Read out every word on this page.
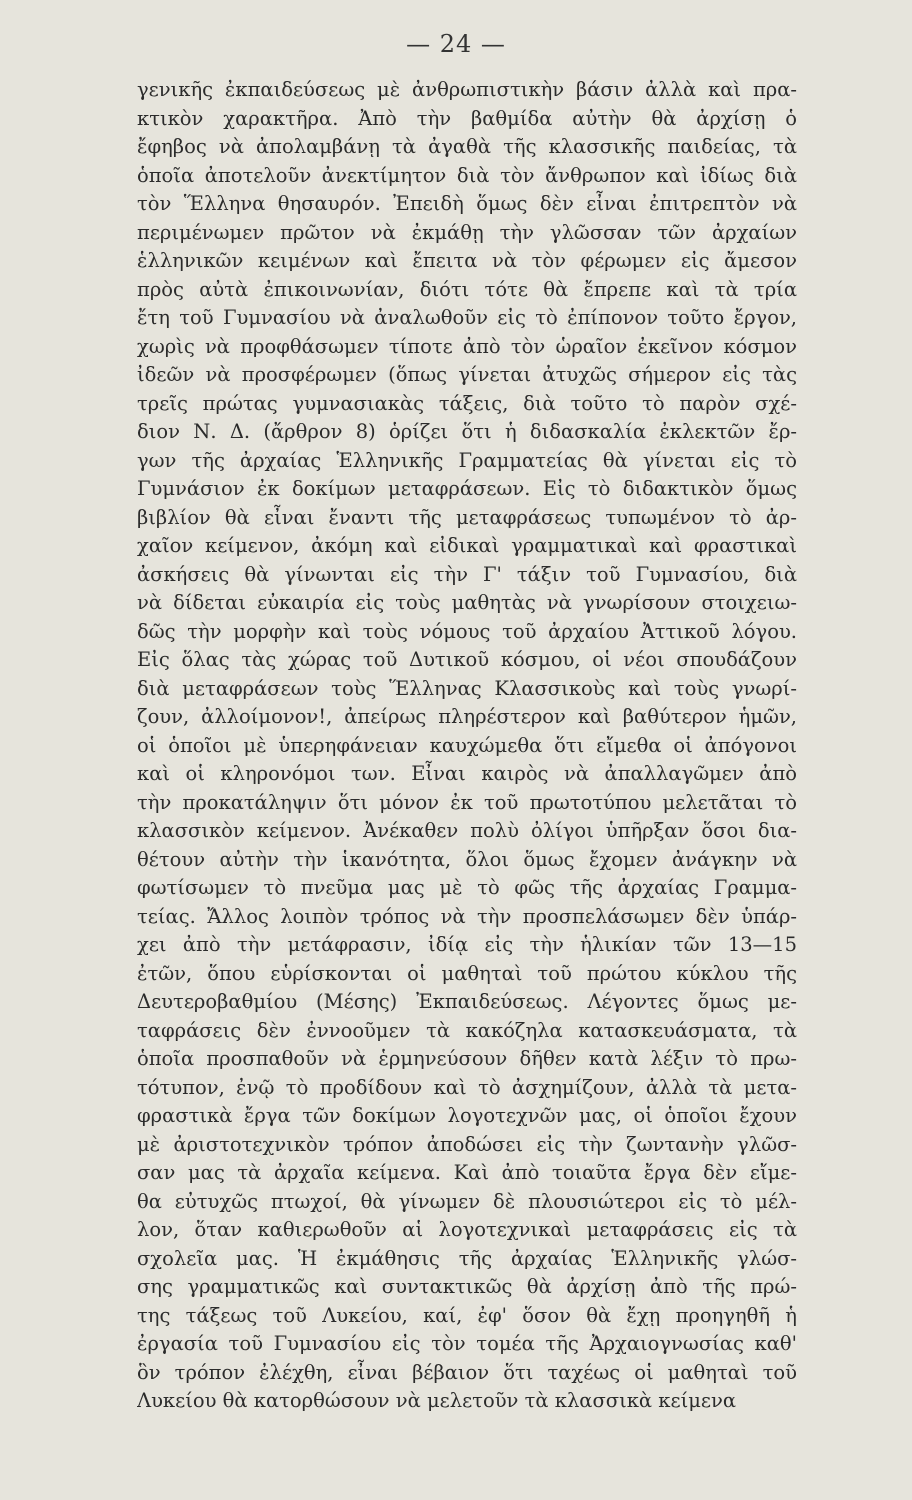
— 24 —
γενικῆς ἐκπαιδεύσεως μὲ ἀνθρωπιστικὴν βάσιν ἀλλὰ καὶ πρα-
κτικὸν χαρακτῆρα. Ἀπὸ τὴν βαθμίδα αὐτὴν θὰ ἀρχίσῃ ὁ
ἔφηβος νὰ ἀπολαμβάνῃ τὰ ἀγαθὰ τῆς κλασσικῆς παιδείας, τὰ
ὁποῖα ἀποτελοῦν ἀνεκτίμητον διὰ τὸν ἄνθρωπον καὶ ἰδίως διὰ
τὸν Ἕλληνα θησαυρόν. Ἐπειδὴ ὅμως δὲν εἶναι ἐπιτρεπτὸν νὰ
περιμένωμεν πρῶτον νὰ ἐκμάθῃ τὴν γλῶσσαν τῶν ἀρχαίων
ἑλληνικῶν κειμένων καὶ ἔπειτα νὰ τὸν φέρωμεν εἰς ἄμεσον
πρὸς αὐτὰ ἐπικοινωνίαν, διότι τότε θὰ ἔπρεπε καὶ τὰ τρία
ἔτη τοῦ Γυμνασίου νὰ ἀναλωθοῦν εἰς τὸ ἐπίπονον τοῦτο ἔργον,
χωρὶς νὰ προφθάσωμεν τίποτε ἀπὸ τὸν ὡραῖον ἐκεῖνον κόσμον
ἰδεῶν νὰ προσφέρωμεν (ὅπως γίνεται ἀτυχῶς σήμερον εἰς τὰς
τρεῖς πρώτας γυμνασιακὰς τάξεις, διὰ τοῦτο τὸ παρὸν σχέ-
διον Ν. Δ. (ἄρθρον 8) ὁρίζει ὅτι ἡ διδασκαλία ἐκλεκτῶν ἔρ-
γων τῆς ἀρχαίας Ἑλληνικῆς Γραμματείας θὰ γίνεται εἰς τὸ
Γυμνάσιον ἐκ δοκίμων μεταφράσεων. Εἰς τὸ διδακτικὸν ὅμως
βιβλίον θὰ εἶναι ἔναντι τῆς μεταφράσεως τυπωμένον τὸ ἀρ-
χαῖον κείμενον, ἀκόμη καὶ εἰδικαὶ γραμματικαὶ καὶ φραστικαὶ
ἀσκήσεις θὰ γίνωνται εἰς τὴν Γ' τάξιν τοῦ Γυμνασίου, διὰ
νὰ δίδεται εὐκαιρία εἰς τοὺς μαθητὰς νὰ γνωρίσουν στοιχειω-
δῶς τὴν μορφὴν καὶ τοὺς νόμους τοῦ ἀρχαίου Ἀττικοῦ λόγου.
Εἰς ὅλας τὰς χώρας τοῦ Δυτικοῦ κόσμου, οἱ νέοι σπουδάζουν
διὰ μεταφράσεων τοὺς Ἕλληνας Κλασσικοὺς καὶ τοὺς γνωρί-
ζουν, ἀλλοίμονον!, ἀπείρως πληρέστερον καὶ βαθύτερον ἡμῶν,
οἱ ὁποῖοι μὲ ὑπερηφάνειαν καυχώμεθα ὅτι εἴμεθα οἱ ἀπόγονοι
καὶ οἱ κληρονόμοι των. Εἶναι καιρὸς νὰ ἀπαλλαγῶμεν ἀπὸ
τὴν προκατάληψιν ὅτι μόνον ἐκ τοῦ πρωτοτύπου μελετᾶται τὸ
κλασσικὸν κείμενον. Ἀνέκαθεν πολὺ ὀλίγοι ὑπῆρξαν ὅσοι δια-
θέτουν αὐτὴν τὴν ἱκανότητα, ὅλοι ὅμως ἔχομεν ἀνάγκην νὰ
φωτίσωμεν τὸ πνεῦμα μας μὲ τὸ φῶς τῆς ἀρχαίας Γραμμα-
τείας. Ἄλλος λοιπὸν τρόπος νὰ τὴν προσπελάσωμεν δὲν ὑπάρ-
χει ἀπὸ τὴν μετάφρασιν, ἰδίᾳ εἰς τὴν ἡλικίαν τῶν 13—15
ἐτῶν, ὅπου εὑρίσκονται οἱ μαθηταὶ τοῦ πρώτου κύκλου τῆς
Δευτεροβαθμίου (Μέσης) Ἐκπαιδεύσεως. Λέγοντες ὅμως με-
ταφράσεις δὲν ἐννοοῦμεν τὰ κακόζηλα κατασκευάσματα, τὰ
ὁποῖα προσπαθοῦν νὰ ἑρμηνεύσουν δῆθεν κατὰ λέξιν τὸ πρω-
τότυπον, ἐνῷ τὸ προδίδουν καὶ τὸ ἀσχημίζουν, ἀλλὰ τὰ μετα-
φραστικὰ ἔργα τῶν δοκίμων λογοτεχνῶν μας, οἱ ὁποῖοι ἔχουν
μὲ ἀριστοτεχνικὸν τρόπον ἀποδώσει εἰς τὴν ζωντανὴν γλῶσ-
σαν μας τὰ ἀρχαῖα κείμενα. Καὶ ἀπὸ τοιαῦτα ἔργα δὲν εἴμε-
θα εὐτυχῶς πτωχοί, θὰ γίνωμεν δὲ πλουσιώτεροι εἰς τὸ μέλ-
λον, ὅταν καθιερωθοῦν αἱ λογοτεχνικαὶ μεταφράσεις εἰς τὰ
σχολεῖα μας. Ἡ ἐκμάθησις τῆς ἀρχαίας Ἑλληνικῆς γλώσ-
σης γραμματικῶς καὶ συντακτικῶς θὰ ἀρχίσῃ ἀπὸ τῆς πρώ-
της τάξεως τοῦ Λυκείου, καί, ἐφ' ὅσον θὰ ἔχῃ προηγηθῆ ἡ
ἐργασία τοῦ Γυμνασίου εἰς τὸν τομέα τῆς Ἀρχαιογνωσίας καθ'
ὃν τρόπον ἐλέχθη, εἶναι βέβαιον ὅτι ταχέως οἱ μαθηταὶ τοῦ
Λυκείου θὰ κατορθώσουν νὰ μελετοῦν τὰ κλασσικὰ κείμενα
